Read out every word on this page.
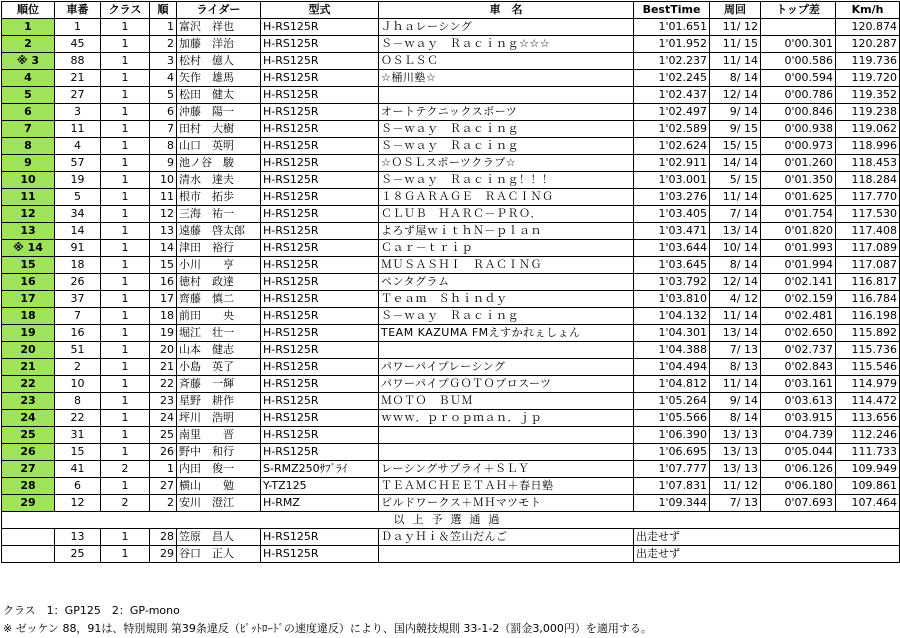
順位	車番	クラス	順	ライダー	型式	車　名	BestTime	周回	トップ差	Km/h
1	1	1	1	富沢　祥也	H-RS125R	Ｊｈａレーシング	1'01.651	11/ 12		120.874
2	45	1	2	加藤　洋治	H-RS125R	Ｓ－ｗａｙ　Ｒａｃｉｎｇ☆☆☆	1'01.952	11/ 15	0'00.301	120.287
※ 3	88	1	3	松村　億人	H-RS125R	ＯＳＬＳＣ	1'02.237	11/ 14	0'00.586	119.736
4	21	1	4	矢作　雄馬	H-RS125R	☆桶川塾☆	1'02.245	8/ 14	0'00.594	119.720
5	27	1	5	松田　健太	H-RS125R		1'02.437	12/ 14	0'00.786	119.352
6	3	1	6	沖藤　陽一	H-RS125R	オートテクニックスポーツ	1'02.497	9/ 14	0'00.846	119.238
7	11	1	7	田村　大樹	H-RS125R	Ｓ－ｗａｙ　Ｒａｃｉｎｇ	1'02.589	9/ 15	0'00.938	119.062
8	4	1	8	山口　英明	H-RS125R	Ｓ－ｗａｙ　Ｒａｃｉｎｇ	1'02.624	15/ 15	0'00.973	118.996
9	57	1	9	池ノ谷　駿	H-RS125R	☆ＯＳＬスポーツクラブ☆	1'02.911	14/ 14	0'01.260	118.453
10	19	1	10	清水　達夫	H-RS125R	Ｓ－ｗａｙ　Ｒａｃｉｎｇ！！！	1'03.001	5/ 15	0'01.350	118.284
11	5	1	11	根市　拓歩	H-RS125R	１８ＧＡＲＡＧＥ　ＲＡＣＩＮＧ	1'03.276	11/ 14	0'01.625	117.770
12	34	1	12	三海　祐一	H-RS125R	ＣＬＵＢ　ＨＡＲＣ－ＰＲＯ．	1'03.405	7/ 14	0'01.754	117.530
13	14	1	13	遠藤　啓太郎	H-RS125R	よろず屋ｗｉｔｈＮ－ｐｌａｎ	1'03.471	13/ 14	0'01.820	117.408
※ 14	91	1	14	津田　裕行	H-RS125R	Ｃａｒ－ｔｒｉｐ	1'03.644	10/ 14	0'01.993	117.089
15	18	1	15	小川　　亨	H-RS125R	ＭＵＳＡＳＨＩ　ＲＡＣＩＮＧ	1'03.645	8/ 14	0'01.994	117.087
16	26	1	16	徳村　政達	H-RS125R	ペンタグラム	1'03.792	12/ 14	0'02.141	116.817
17	37	1	17	齊藤　慎二	H-RS125R	Ｔｅａｍ　Ｓｈｉｎｄｙ	1'03.810	4/ 12	0'02.159	116.784
18	7	1	18	前田　　央	H-RS125R	Ｓ－ｗａｙ　Ｒａｃｉｎｇ	1'04.132	11/ 14	0'02.481	116.198
19	16	1	19	堀江　壮一	H-RS125R	TEAM KAZUMA FMえすかれぇしょん	1'04.301	13/ 14	0'02.650	115.892
20	51	1	20	山本　健志	H-RS125R		1'04.388	7/ 13	0'02.737	115.736
21	2	1	21	小島　英了	H-RS125R	パワーパイプレーシング	1'04.494	8/ 13	0'02.843	115.546
22	10	1	22	斉藤　一輝	H-RS125R	パワーパイプＧＯＴＯプロスーツ	1'04.812	11/ 14	0'03.161	114.979
23	8	1	23	星野　耕作	H-RS125R	ＭＯＴＯ　ＢＵＭ	1'05.264	9/ 14	0'03.613	114.472
24	22	1	24	坪川　浩明	H-RS125R	ｗｗｗ．ｐｒｏｐｍａｎ．ｊｐ	1'05.566	8/ 14	0'03.915	113.656
25	31	1	25	南里　　晋	H-RS125R		1'06.390	13/ 13	0'04.739	112.246
26	15	1	26	野中　和行	H-RS125R		1'06.695	13/ 13	0'05.044	111.733
27	41	2	1	内田　俊一	S-RMZ250ｻﾌﾞﾗｲ	レーシングサプライ＋ＳＬＹ	1'07.777	13/ 13	0'06.126	109.949
28	6	1	27	横山　　勉	Y-TZ125	ＴＥＡＭＣＨＥＥＴＡＨ＋春日塾	1'07.831	11/ 12	0'06.180	109.861
29	12	2	2	安川　澄江	H-RMZ	ビルドワークス＋ＭＨマツモト	1'09.344	7/ 13	0'07.693	107.464
以上予選通過										
	13	1	28	笠原　昌人	H-RS125R	ＤａｙＨｉ＆笠山だんご	出走せず			
	25	1	29	谷口　正人	H-RS125R		出走せず			
クラス　1：GP125　2：GP-mono
※ ゼッケン 88，91は、特別規則 第39条違反（ﾋﾟｯﾄﾛｰﾄﾞの速度違反）により、国内競技規則 33-1-2（罰金3,000円）を適用する。
